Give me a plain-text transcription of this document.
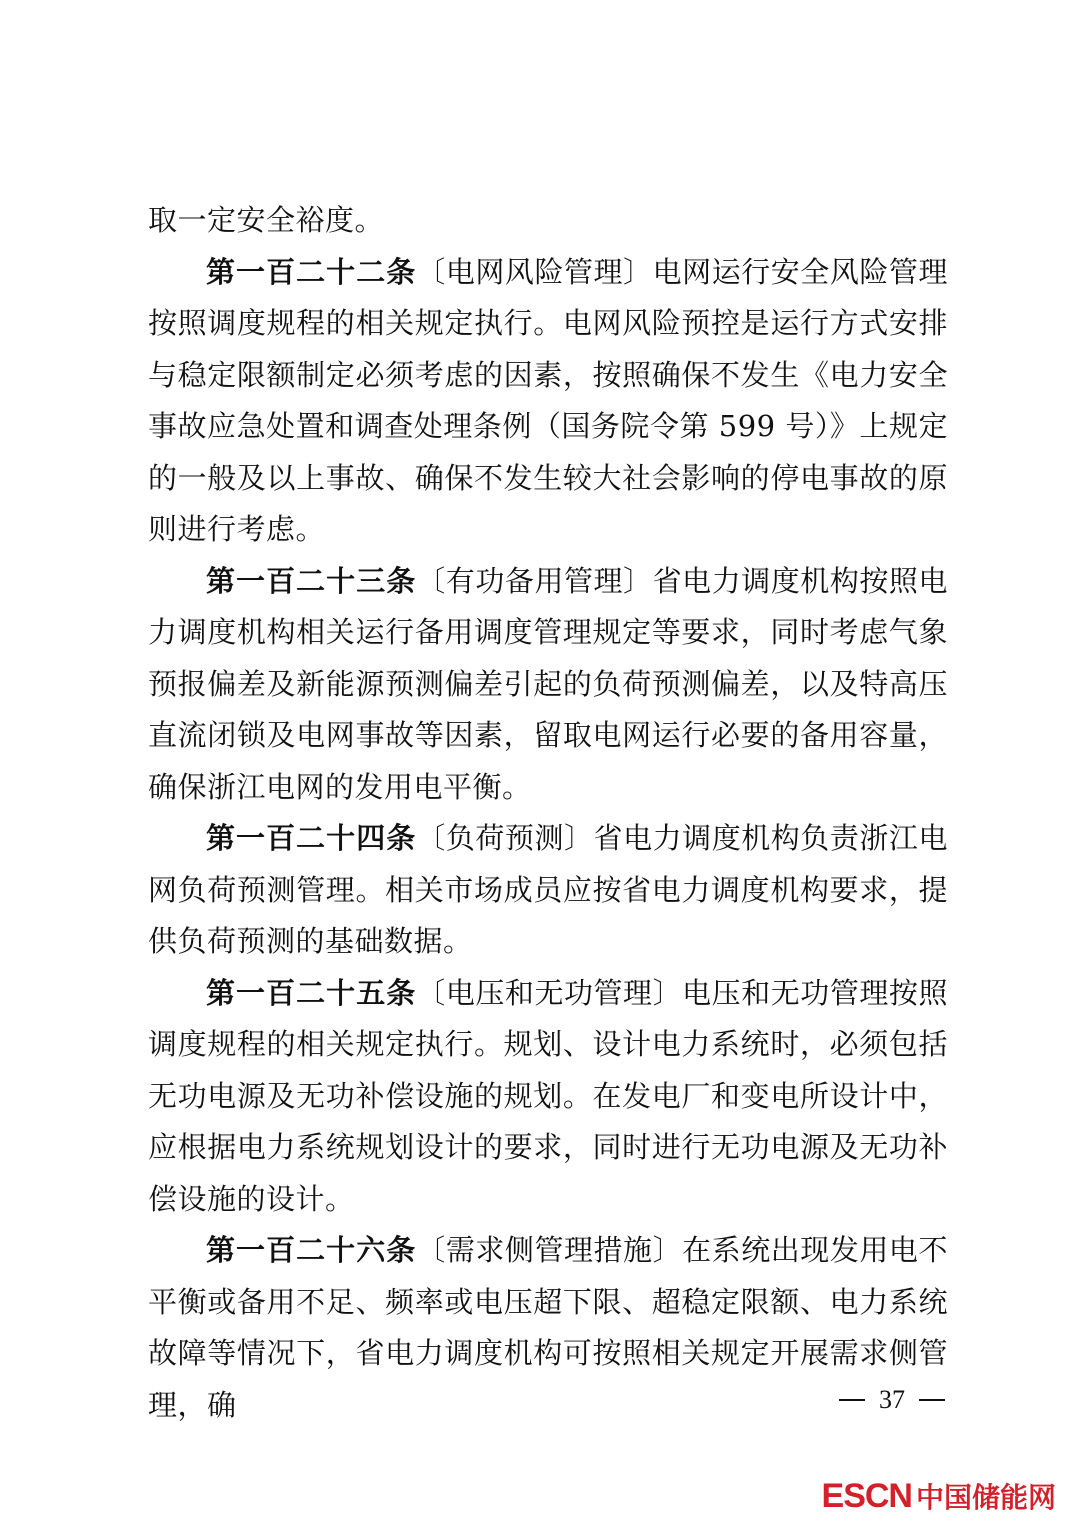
取一定安全裕度。

第一百二十二条〔电网风险管理〕电网运行安全风险管理按照调度规程的相关规定执行。电网风险预控是运行方式安排与稳定限额制定必须考虑的因素，按照确保不发生《电力安全事故应急处置和调查处理条例（国务院令第 599 号）》上规定的一般及以上事故、确保不发生较大社会影响的停电事故的原则进行考虑。

第一百二十三条〔有功备用管理〕省电力调度机构按照电力调度机构相关运行备用调度管理规定等要求，同时考虑气象预报偏差及新能源预测偏差引起的负荷预测偏差，以及特高压直流闭锁及电网事故等因素，留取电网运行必要的备用容量，确保浙江电网的发用电平衡。

第一百二十四条〔负荷预测〕省电力调度机构负责浙江电网负荷预测管理。相关市场成员应按省电力调度机构要求，提供负荷预测的基础数据。

第一百二十五条〔电压和无功管理〕电压和无功管理按照调度规程的相关规定执行。规划、设计电力系统时，必须包括无功电源及无功补偿设施的规划。在发电厂和变电所设计中，应根据电力系统规划设计的要求，同时进行无功电源及无功补偿设施的设计。

第一百二十六条〔需求侧管理措施〕在系统出现发用电不平衡或备用不足、频率或电压超下限、超稳定限额、电力系统故障等情况下，省电力调度机构可按照相关规定开展需求侧管理，确	37
ESCN 中国储能网
